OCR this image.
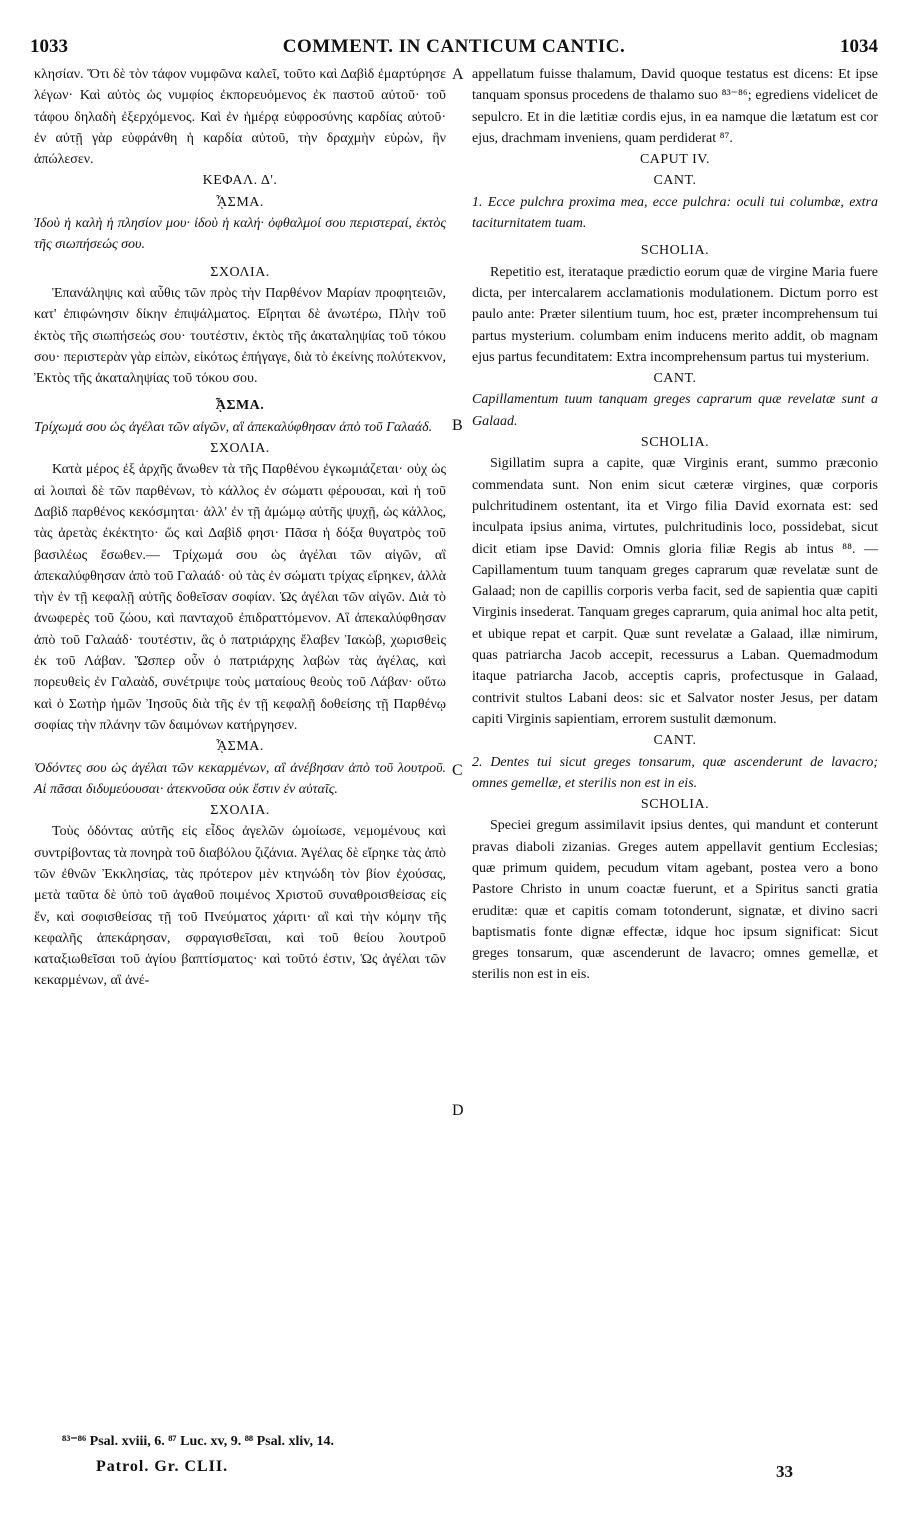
1033	COMMENT. IN CANTICUM CANTIC.	1034
A
B
C
D

κλησίαν. Ὅτι δὲ τὸν τάφον νυμφῶνα καλεῖ, τοῦτο καὶ Δαβὶδ ἐμαρτύρησε λέγων· Καὶ αὐτὸς ὡς νυμφίος ἐκπορευόμενος ἐκ παστοῦ αὐτοῦ· τοῦ τάφου δηλαδὴ ἐξερχόμενος. Καὶ ἐν ἡμέρᾳ εὐφροσύνης καρδίας αὐτοῦ· ἐν αὐτῇ γὰρ εὐφράνθη ἡ καρδία αὐτοῦ, τὴν δραχμὴν εὑρὼν, ἣν ἀπώλεσεν.

ΚΕΦΑΛ. Δ'.

ᾎΣΜΑ.

Ἰδοὺ ἡ καλὴ ἡ πλησίον μου· ἰδοὺ ἡ καλή· ὀφθαλμοί σου περιστεραί, ἐκτὸς τῆς σιωπήσεώς σου.

ΣΧΟΛΙΑ.

Ἐπανάληψις καὶ αὖθις τῶν πρὸς τὴν Παρθένον Μαρίαν προφητειῶν, κατ' ἐπιφώνησιν δίκην ἐπιψάλματος. Εἴρηται δὲ ἀνωτέρω, Πλὴν τοῦ ἐκτὸς τῆς σιωπήσεώς σου· τουτέστιν, ἐκτὸς τῆς ἀκαταληψίας τοῦ τόκου σου· περιστερὰν γὰρ εἰπὼν, εἰκότως ἐπήγαγε, διὰ τὸ ἐκείνης πολύτεκνον, Ἐκτὸς τῆς ἀκαταληψίας τοῦ τόκου σου.

ᾎΣΜΑ.

Τρίχωμά σου ὡς ἀγέλαι τῶν αἰγῶν, αἳ ἀπεκαλύφθησαν ἀπὸ τοῦ Γαλαάδ.

ΣΧΟΛΙΑ.

Κατὰ μέρος ἐξ ἀρχῆς ἄνωθεν τὰ τῆς Παρθένου ἐγκωμιάζεται· οὐχ ὡς αἱ λοιπαὶ δὲ τῶν παρθένων, τὸ κάλλος ἐν σώματι φέρουσαι, καὶ ἡ τοῦ Δαβὶδ παρθένος κεκόσμηται· ἀλλ' ἐν τῇ ἀμώμῳ αὐτῆς ψυχῇ, ὡς κάλλος, τὰς ἀρετὰς ἐκέκτητο· ὥς καὶ Δαβὶδ φησι· Πᾶσα ἡ δόξα θυγατρὸς τοῦ βασιλέως ἔσωθεν.— Τρίχωμά σου ὡς ἀγέλαι τῶν αἰγῶν, αἳ ἀπεκαλύφθησαν ἀπὸ τοῦ Γαλαάδ· οὐ τὰς ἐν σώματι τρίχας εἴρηκεν, ἀλλὰ τὴν ἐν τῇ κεφαλῇ αὐτῆς δοθεῖσαν σοφίαν. Ὡς ἀγέλαι τῶν αἰγῶν. Διὰ τὸ ἀνωφερὲς τοῦ ζώου, καὶ πανταχοῦ ἐπιδραττόμενον. Αἳ ἀπεκαλύφθησαν ἀπὸ τοῦ Γαλαάδ· τουτέστιν, ἃς ὁ πατριάρχης ἔλαβεν Ἰακὼβ, χωρισθεὶς ἐκ τοῦ Λάβαν. Ὥσπερ οὖν ὁ πατριάρχης λαβὼν τὰς ἀγέλας, καὶ πορευθεὶς ἐν Γαλαὰδ, συνέτριψε τοὺς ματαίους θεοὺς τοῦ Λάβαν· οὕτω καὶ ὁ Σωτὴρ ἡμῶν Ἰησοῦς διὰ τῆς ἐν τῇ κεφαλῇ δοθείσης τῇ Παρθένῳ σοφίας τὴν πλάνην τῶν δαιμόνων κατήργησεν.

ᾎΣΜΑ.

Ὀδόντες σου ὡς ἀγέλαι τῶν κεκαρμένων, αἳ ἀνέβησαν ἀπὸ τοῦ λουτροῦ. Αἱ πᾶσαι διδυμεύουσαι· ἀτεκνοῦσα οὐκ ἔστιν ἐν αὐταῖς.

ΣΧΟΛΙΑ.

Τοὺς ὀδόντας αὐτῆς εἰς εἶδος ἀγελῶν ὡμοίωσε, νεμομένους καὶ συντρίβοντας τὰ πονηρὰ τοῦ διαβόλου ζιζάνια. Ἀγέλας δὲ εἴρηκε τὰς ἀπὸ τῶν ἐθνῶν Ἐκκλησίας, τὰς πρότερον μὲν κτηνώδη τὸν βίον ἐχούσας, μετὰ ταῦτα δὲ ὑπὸ τοῦ ἀγαθοῦ ποιμένος Χριστοῦ συναθροισθείσας εἰς ἕν, καὶ σοφισθείσας τῇ τοῦ Πνεύματος χάριτι· αἳ καὶ τὴν κόμην τῆς κεφαλῆς ἀπεκάρησαν, σφραγισθεῖσαι, καὶ τοῦ θείου λουτροῦ καταξιωθεῖσαι τοῦ ἁγίου βαπτίσματος· καὶ τοῦτό ἐστιν, Ὡς ἀγέλαι τῶν κεκαρμένων, αἳ ἀνέ-

appellatum fuisse thalamum, David quoque testatus est dicens: Et ipse tanquam sponsus procedens de thalamo suo ⁸³⁻⁸⁶; egrediens videlicet de sepulcro. Et in die lætitiæ cordis ejus, in ea namque die lætatum est cor ejus, drachmam inveniens, quam perdiderat ⁸⁷.

CAPUT IV.

CANT.

1. Ecce pulchra proxima mea, ecce pulchra: oculi tui columbæ, extra taciturnitatem tuam.

SCHOLIA.

Repetitio est, iterataque prædictio eorum quæ de virgine Maria fuere dicta, per intercalarem acclamationis modulationem. Dictum porro est paulo ante: Præter silentium tuum, hoc est, præter incomprehensum tui partus mysterium. columbam enim inducens merito addit, ob magnam ejus partus fecunditatem: Extra incomprehensum partus tui mysterium.

CANT.

Capillamentum tuum tanquam greges caprarum quæ revelatæ sunt a Galaad.

SCHOLIA.

Sigillatim supra a capite, quæ Virginis erant, summo præconio commendata sunt. Non enim sicut cæteræ virgines, quæ corporis pulchritudinem ostentant, ita et Virgo filia David exornata est: sed inculpata ipsius anima, virtutes, pulchritudinis loco, possidebat, sicut dicit etiam ipse David: Omnis gloria filiæ Regis ab intus ⁸⁸. — Capillamentum tuum tanquam greges caprarum quæ revelatæ sunt de Galaad; non de capillis corporis verba facit, sed de sapientia quæ capiti Virginis insederat. Tanquam greges caprarum, quia animal hoc alta petit, et ubique repat et carpit. Quæ sunt revelatæ a Galaad, illæ nimirum, quas patriarcha Jacob accepit, recessurus a Laban. Quemadmodum itaque patriarcha Jacob, acceptis capris, profectusque in Galaad, contrivit stultos Labani deos: sic et Salvator noster Jesus, per datam capiti Virginis sapientiam, errorem sustulit dæmonum.

CANT.

2. Dentes tui sicut greges tonsarum, quæ ascenderunt de lavacro; omnes gemellæ, et sterilis non est in eis.

SCHOLIA.

Speciei gregum assimilavit ipsius dentes, qui mandunt et conterunt pravas diaboli zizanias. Greges autem appellavit gentium Ecclesias; quæ primum quidem, pecudum vitam agebant, postea vero a bono Pastore Christo in unum coactæ fuerunt, et a Spiritus sancti gratia eruditæ: quæ et capitis comam totonderunt, signatæ, et divino sacri baptismatis fonte dignæ effectæ, idque hoc ipsum significat: Sicut greges tonsarum, quæ ascenderunt de lavacro; omnes gemellæ, et sterilis non est in eis.

⁸³⁻⁸⁶ Psal. xviii, 6. ⁸⁷ Luc. xv, 9. ⁸⁸ Psal. xliv, 14.
Patrol. Gr. CLII.	33
